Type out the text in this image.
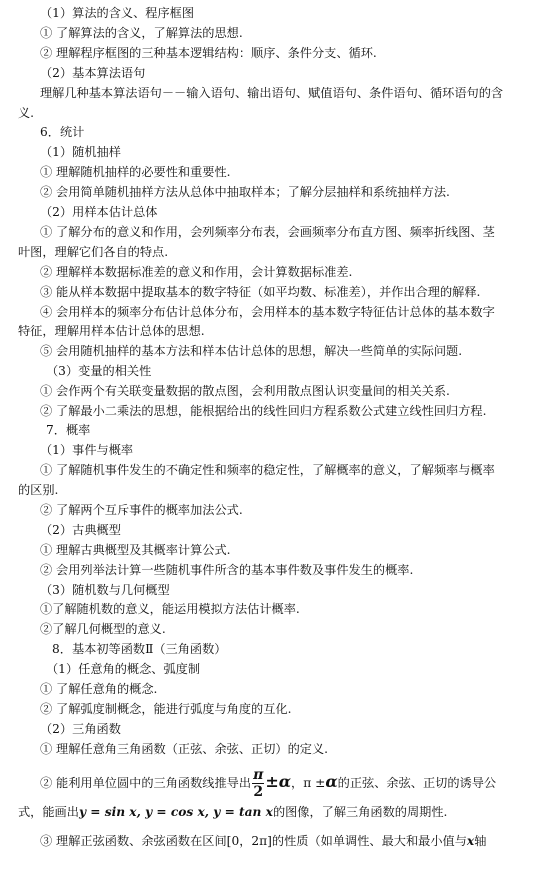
（1）算法的含义、程序框图
① 了解算法的含义，了解算法的思想.
② 理解程序框图的三种基本逻辑结构：顺序、条件分支、循环.
（2）基本算法语句
理解几种基本算法语句－－输入语句、输出语句、赋值语句、条件语句、循环语句的含
义.
6．统计
（1）随机抽样
① 理解随机抽样的必要性和重要性.
② 会用简单随机抽样方法从总体中抽取样本；了解分层抽样和系统抽样方法.
（2）用样本估计总体
① 了解分布的意义和作用，会列频率分布表，会画频率分布直方图、频率折线图、茎
叶图，理解它们各自的特点.
② 理解样本数据标准差的意义和作用，会计算数据标准差.
③ 能从样本数据中提取基本的数字特征（如平均数、标准差），并作出合理的解释.
④ 会用样本的频率分布估计总体分布，会用样本的基本数字特征估计总体的基本数字
特征，理解用样本估计总体的思想.
⑤ 会用随机抽样的基本方法和样本估计总体的思想，解决一些简单的实际问题.
（3）变量的相关性
① 会作两个有关联变量数据的散点图，会利用散点图认识变量间的相关关系.
② 了解最小二乘法的思想，能根据给出的线性回归方程系数公式建立线性回归方程.
7．概率
（1）事件与概率
① 了解随机事件发生的不确定性和频率的稳定性，了解概率的意义，了解频率与概率
的区别.
② 了解两个互斥事件的概率加法公式.
（2）古典概型
① 理解古典概型及其概率计算公式.
② 会用列举法计算一些随机事件所含的基本事件数及事件发生的概率.
（3）随机数与几何概型
①了解随机数的意义，能运用模拟方法估计概率.
②了解几何概型的意义.
8．基本初等函数Ⅱ（三角函数）
（1）任意角的概念、弧度制
① 了解任意角的概念.
② 了解弧度制概念，能进行弧度与角度的互化.
（2）三角函数
① 理解任意角三角函数（正弦、余弦、正切）的定义.
② 能利用单位圆中的三角函数线推导出 $\frac{\pi}{2} \pm\alpha$，π ±α的正弦、余弦、正切的诱导公
式，能画出y = sin x, y = cos x, y = tan x的图像，了解三角函数的周期性.
③ 理解正弦函数、余弦函数在区间[0，2π]的性质（如单调性、最大和最小值与x轴
